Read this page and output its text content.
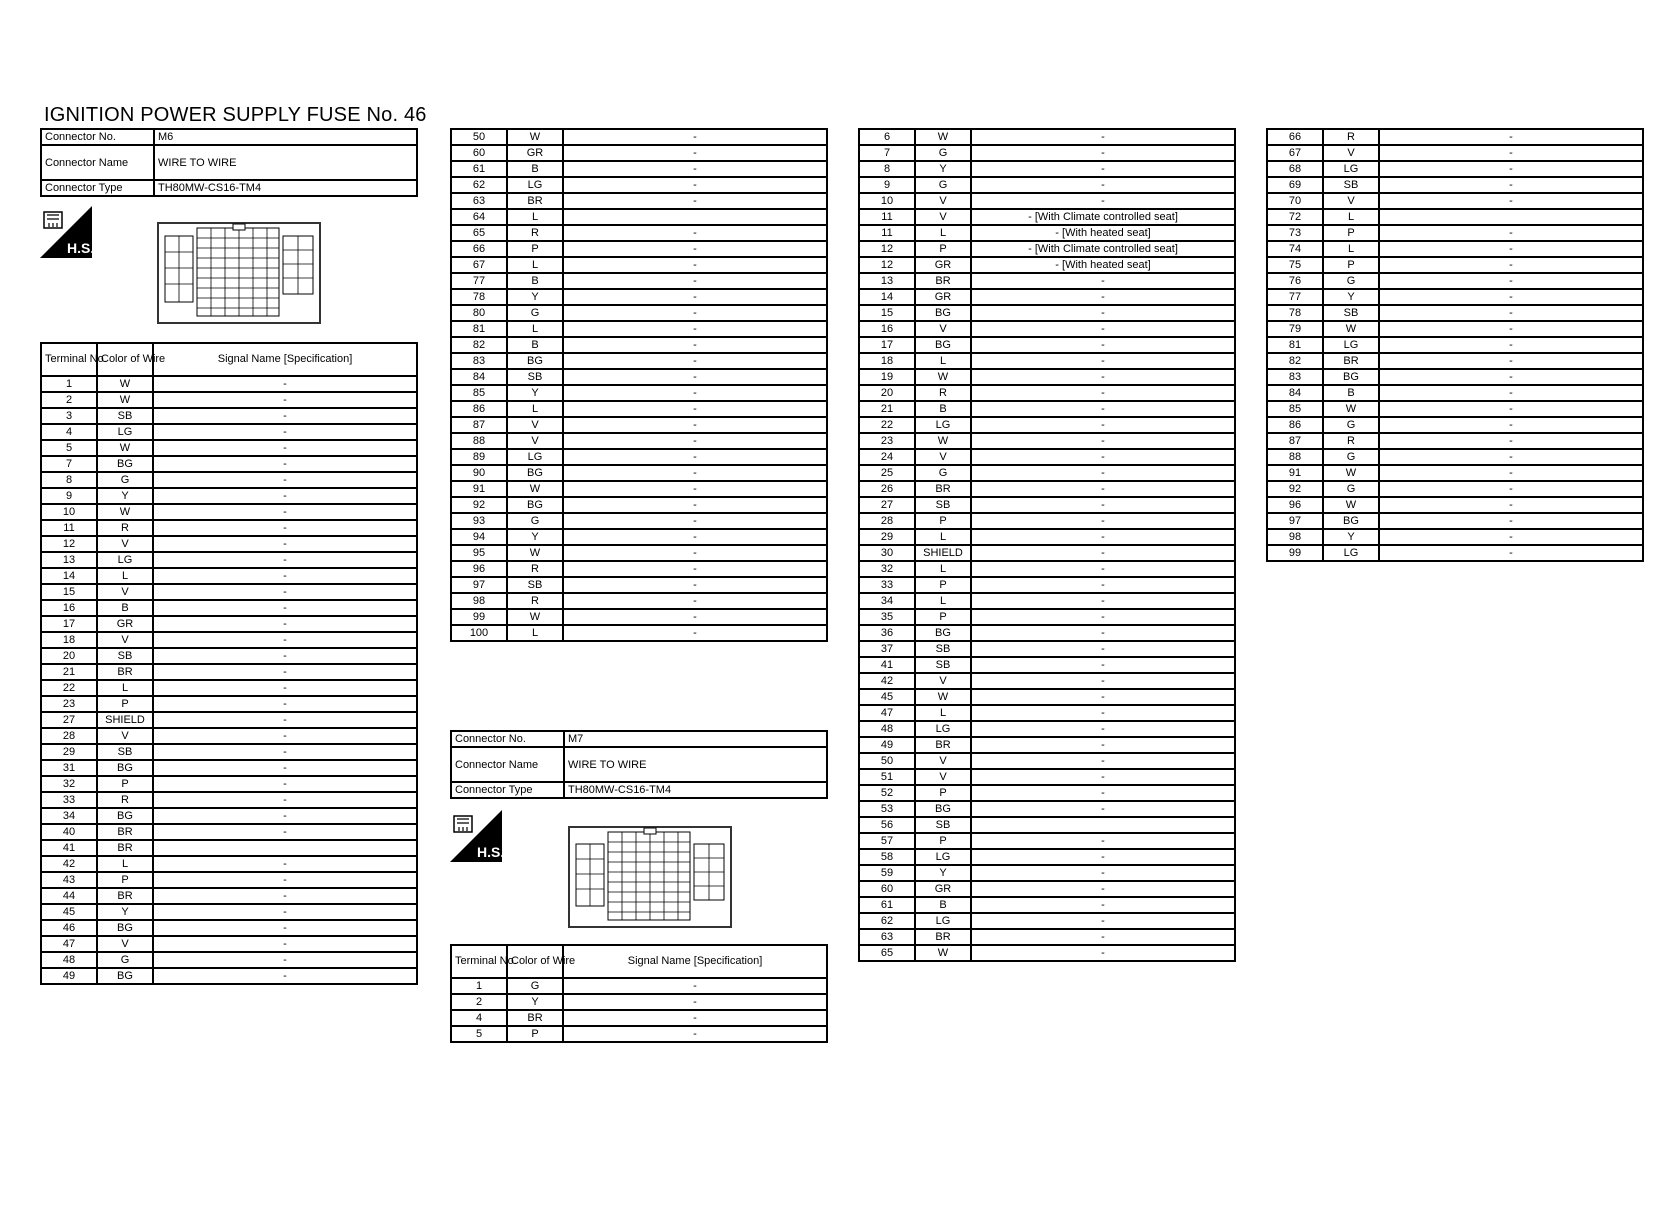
IGNITION POWER SUPPLY FUSE No. 46
Connector No.	M6
Connector Name	WIRE TO WIRE
Connector Type	TH80MW-CS16-TM4
H.S.
Terminal No.	Color of Wire	Signal Name [Specification]
1	W	-
2	W	-
3	SB	-
4	LG	-
5	W	-
7	BG	-
8	G	-
9	Y	-
10	W	-
11	R	-
12	V	-
13	LG	-
14	L	-
15	V	-
16	B	-
17	GR	-
18	V	-
20	SB	-
21	BR	-
22	L	-
23	P	-
27	SHIELD	-
28	V	-
29	SB	-
31	BG	-
32	P	-
33	R	-
34	BG	-
40	BR	-
41	BR	
42	L	-
43	P	-
44	BR	-
45	Y	-
46	BG	-
47	V	-
48	G	-
49	BG	-
50	W	-
60	GR	-
61	B	-
62	LG	-
63	BR	-
64	L	
65	R	-
66	P	-
67	L	-
77	B	-
78	Y	-
80	G	-
81	L	-
82	B	-
83	BG	-
84	SB	-
85	Y	-
86	L	-
87	V	-
88	V	-
89	LG	-
90	BG	-
91	W	-
92	BG	-
93	G	-
94	Y	-
95	W	-
96	R	-
97	SB	-
98	R	-
99	W	-
100	L	-
Connector No.	M7
Connector Name	WIRE TO WIRE
Connector Type	TH80MW-CS16-TM4
H.S.
Terminal No.	Color of Wire	Signal Name [Specification]
1	G	-
2	Y	-
4	BR	-
5	P	-
6	W	-
7	G	-
8	Y	-
9	G	-
10	V	-
11	V	- [With Climate controlled seat]
11	L	- [With heated seat]
12	P	- [With Climate controlled seat]
12	GR	- [With heated seat]
13	BR	-
14	GR	-
15	BG	-
16	V	-
17	BG	-
18	L	-
19	W	-
20	R	-
21	B	-
22	LG	-
23	W	-
24	V	-
25	G	-
26	BR	-
27	SB	-
28	P	-
29	L	-
30	SHIELD	-
32	L	-
33	P	-
34	L	-
35	P	-
36	BG	-
37	SB	-
41	SB	-
42	V	-
45	W	-
47	L	-
48	LG	-
49	BR	-
50	V	-
51	V	-
52	P	-
53	BG	-
56	SB	
57	P	-
58	LG	-
59	Y	-
60	GR	-
61	B	-
62	LG	-
63	BR	-
65	W	-
66	R	-
67	V	-
68	LG	-
69	SB	-
70	V	-
72	L	
73	P	-
74	L	-
75	P	-
76	G	-
77	Y	-
78	SB	-
79	W	-
81	LG	-
82	BR	-
83	BG	-
84	B	-
85	W	-
86	G	-
87	R	-
88	G	-
91	W	-
92	G	-
96	W	-
97	BG	-
98	Y	-
99	LG	-
